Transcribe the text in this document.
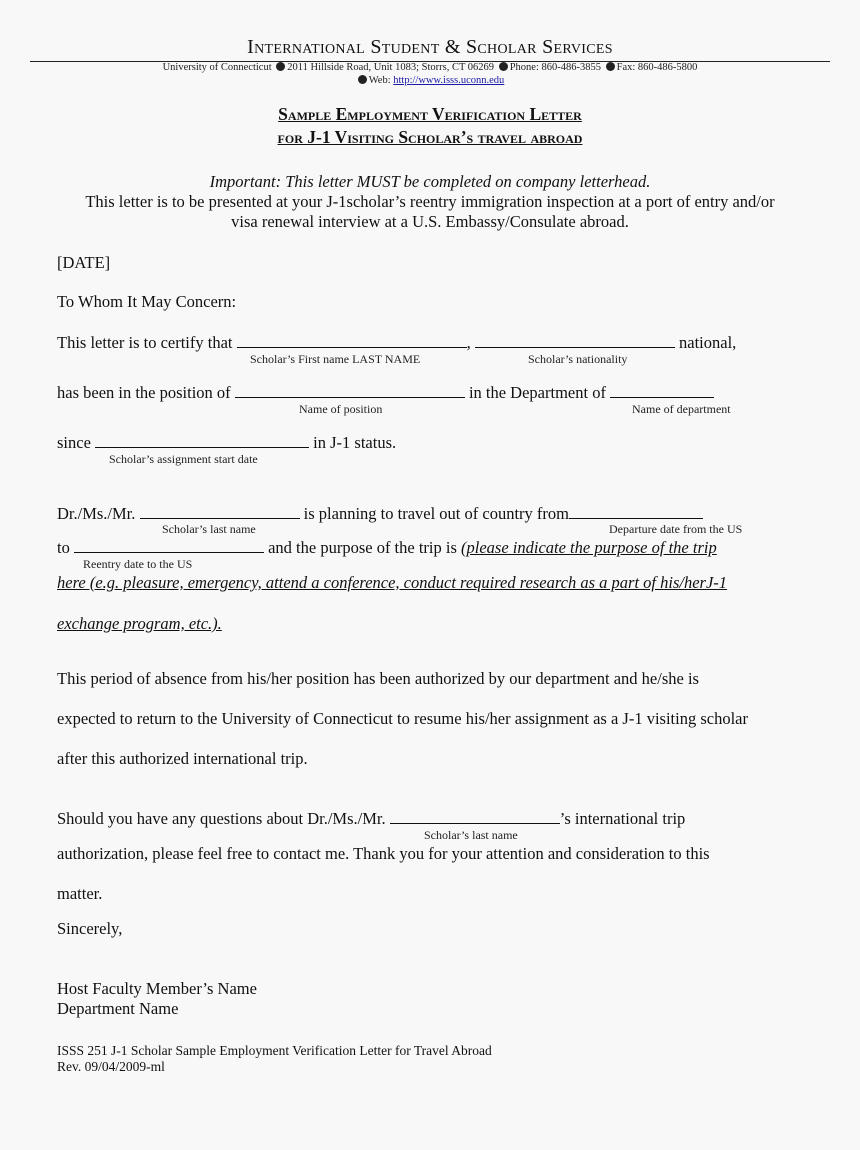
International Student & Scholar Services
University of Connecticut 2011 Hillside Road, Unit 1083; Storrs, CT 06269 Phone: 860-486-3855 Fax: 860-486-5800
Web: http://www.isss.uconn.edu
Sample Employment Verification Letter
for J-1 Visiting Scholar’s travel abroad
Important: This letter MUST be completed on company letterhead.
This letter is to be presented at your J-1scholar’s reentry immigration inspection at a port of entry and/or
visa renewal interview at a U.S. Embassy/Consulate abroad.
[DATE]
To Whom It May Concern:
This letter is to certify that	,	national,
Scholar’s First name LAST NAME	Scholar’s nationality
has been in the position of	in the Department of
Name of position	Name of department
since	in J-1 status.
Scholar’s assignment start date
Dr./Ms./Mr.	is planning to travel out of country from
Scholar’s last name	Departure date from the US
to	and the purpose of the trip is (please indicate the purpose of the trip
Reentry date to the US
here (e.g. pleasure, emergency, attend a conference, conduct required research as a part of his/herJ-1
exchange program, etc.).
This period of absence from his/her position has been authorized by our department and he/she is
expected to return to the University of Connecticut to resume his/her assignment as a J-1 visiting scholar
after this authorized international trip.
Should you have any questions about Dr./Ms./Mr.	’s international trip
Scholar’s last name
authorization, please feel free to contact me. Thank you for your attention and consideration to this
matter.
Sincerely,
Host Faculty Member’s Name
Department Name
ISSS 251 J-1 Scholar Sample Employment Verification Letter for Travel Abroad
Rev. 09/04/2009-ml
